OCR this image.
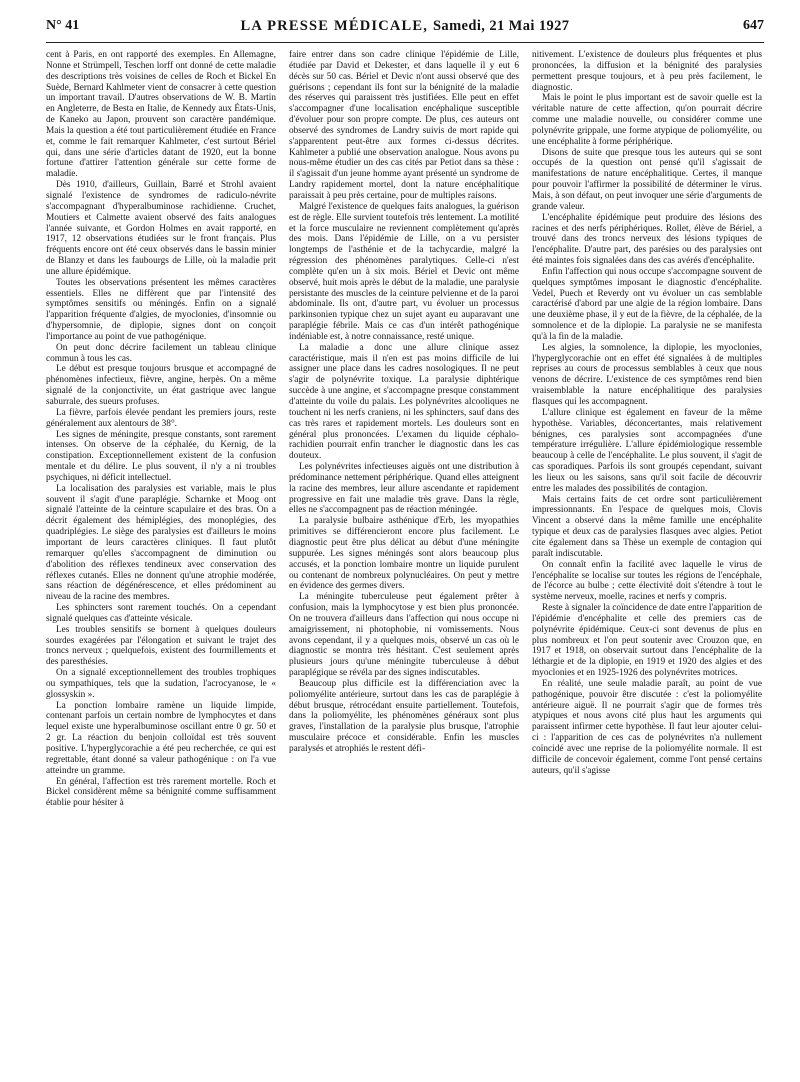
N° 41	LA PRESSE MÉDICALE, Samedi, 21 Mai 1927	647

cent à Paris, en ont rapporté des exemples. En Allemagne, Nonne et Strümpell, Teschen lorff ont donné de cette maladie des descriptions très voisines de celles de Roch et Bickel En Suède, Bernard Kahlmeter vient de consacrer à cette question un important travail. D'autres observations de W. B. Martin en Angleterre, de Besta en Italie, de Kennedy aux États-Unis, de Kaneko au Japon, prouvent son caractère pandémique. Mais la question a été tout particulièrement étudiée en France et, comme le fait remarquer Kahlmeter, c'est surtout Bériel qui, dans une série d'articles datant de 1920, eut la bonne fortune d'attirer l'attention générale sur cette forme de maladie.

Dès 1910, d'ailleurs, Guillain, Barré et Strohl avaient signalé l'existence de syndromes de radiculo-névrite s'accompagnant d'hyperalbuminose rachidienne. Cruchet, Moutiers et Calmette avaient observé des faits analogues l'année suivante, et Gordon Holmes en avait rapporté, en 1917, 12 observations étudiées sur le front français. Plus fréquents encore ont été ceux observés dans le bassin minier de Blanzy et dans les faubourgs de Lille, où la maladie prit une allure épidémique.

Toutes les observations présentent les mêmes caractères essentiels. Elles ne diffèrent que par l'intensité des symptômes sensitifs ou méningés. Enfin on a signalé l'apparition fréquente d'algies, de myoclonies, d'insomnie ou d'hypersomnie, de diplopie, signes dont on conçoit l'importance au point de vue pathogénique.

On peut donc décrire facilement un tableau clinique commun à tous les cas.

Le début est presque toujours brusque et accompagné de phénomènes infectieux, fièvre, angine, herpès. On a même signalé de la conjonctivite, un état gastrique avec langue saburrale, des sueurs profuses.

La fièvre, parfois élevée pendant les premiers jours, reste généralement aux alentours de 38°.

Les signes de méningite, presque constants, sont rarement intenses. On observe de la céphalée, du Kernig, de la constipation. Exceptionnellement existent de la confusion mentale et du délire. Le plus souvent, il n'y a ni troubles psychiques, ni déficit intellectuel.

La localisation des paralysies est variable, mais le plus souvent il s'agit d'une paraplégie. Scharnke et Moog ont signalé l'atteinte de la ceinture scapulaire et des bras. On a décrit également des hémiplégies, des monoplégies, des quadriplégies. Le siège des paralysies est d'ailleurs le moins important de leurs caractères cliniques. Il faut plutôt remarquer qu'elles s'accompagnent de diminution ou d'abolition des réflexes tendineux avec conservation des réflexes cutanés. Elles ne donnent qu'une atrophie modérée, sans réaction de dégénérescence, et elles prédominent au niveau de la racine des membres.

Les sphincters sont rarement touchés. On a cependant signalé quelques cas d'atteinte vésicale.

Les troubles sensitifs se bornent à quelques douleurs sourdes exagérées par l'élongation et suivant le trajet des troncs nerveux ; quelquefois, existent des fourmillements et des paresthésies.

On a signalé exceptionnellement des troubles trophiques ou sympathiques, tels que la sudation, l'acrocyanose, le « glossyskin ».

La ponction lombaire ramène un liquide limpide, contenant parfois un certain nombre de lymphocytes et dans lequel existe une hyperalbuminose oscillant entre 0 gr. 50 et 2 gr. La réaction du benjoin colloïdal est très souvent positive. L'hyperglycorachie a été peu recherchée, ce qui est regrettable, étant donné sa valeur pathogénique : on l'a vue atteindre un gramme.

En général, l'affection est très rarement mortelle. Roch et Bickel considèrent même sa bénignité comme suffisamment établie pour hésiter à

faire entrer dans son cadre clinique l'épidémie de Lille, étudiée par David et Dekester, et dans laquelle il y eut 6 décès sur 50 cas. Bériel et Devic n'ont aussi observé que des guérisons ; cependant ils font sur la bénignité de la maladie des réserves qui paraissent très justifiées. Elle peut en effet s'accompagner d'une localisation encéphalique susceptible d'évoluer pour son propre compte. De plus, ces auteurs ont observé des syndromes de Landry suivis de mort rapide qui s'apparentent peut-être aux formes ci-dessus décrites. Kahlmeter a publié une observation analogue. Nous avons pu nous-même étudier un des cas cités par Petiot dans sa thèse : il s'agissait d'un jeune homme ayant présenté un syndrome de Landry rapidement mortel, dont la nature encéphalitique paraissait à peu près certaine, pour de multiples raisons.

Malgré l'existence de quelques faits analogues, la guérison est de règle. Elle survient toutefois très lentement. La motilité et la force musculaire ne reviennent complètement qu'après des mois. Dans l'épidémie de Lille, on a vu persister longtemps de l'asthénie et de la tachycardie, malgré la régression des phénomènes paralytiques. Celle-ci n'est complète qu'en un à six mois. Bériel et Devic ont même observé, huit mois après le début de la maladie, une paralysie persistante des muscles de la ceinture pelvienne et de la paroi abdominale. Ils ont, d'autre part, vu évoluer un processus parkinsonien typique chez un sujet ayant eu auparavant une paraplégie fébrile. Mais ce cas d'un intérêt pathogénique indéniable est, à notre connaissance, resté unique.

La maladie a donc une allure clinique assez caractéristique, mais il n'en est pas moins difficile de lui assigner une place dans les cadres nosologiques. Il ne peut s'agir de polynévrite toxique. La paralysie diphtérique succède à une angine, et s'accompagne presque constamment d'atteinte du voile du palais. Les polynévrites alcooliques ne touchent ni les nerfs craniens, ni les sphincters, sauf dans des cas très rares et rapidement mortels. Les douleurs sont en général plus prononcées. L'examen du liquide céphalo-rachidien pourrait enfin trancher le diagnostic dans les cas douteux.

Les polynévrites infectieuses aiguës ont une distribution à prédominance nettement périphérique. Quand elles atteignent la racine des membres, leur allure ascendante et rapidement progressive en fait une maladie très grave. Dans la règle, elles ne s'accompagnent pas de réaction méningée.

La paralysie bulbaire asthénique d'Erb, les myopathies primitives se différencieront encore plus facilement. Le diagnostic peut être plus délicat au début d'une méningite suppurée. Les signes méningés sont alors beaucoup plus accusés, et la ponction lombaire montre un liquide purulent ou contenant de nombreux polynucléaires. On peut y mettre en évidence des germes divers.

La méningite tuberculeuse peut également prêter à confusion, mais la lymphocytose y est bien plus prononcée. On ne trouvera d'ailleurs dans l'affection qui nous occupe ni amaigrissement, ni photophobie, ni vomissements. Nous avons cependant, il y a quelques mois, observé un cas où le diagnostic se montra très hésitant. C'est seulement après plusieurs jours qu'une méningite tuberculeuse à début paraplégique se révéla par des signes indiscutables.

Beaucoup plus difficile est la différenciation avec la poliomyélite antérieure, surtout dans les cas de paraplégie à début brusque, rétrocédant ensuite partiellement. Toutefois, dans la poliomyélite, les phénomènes généraux sont plus graves, l'installation de la paralysie plus brusque, l'atrophie musculaire précoce et considérable. Enfin les muscles paralysés et atrophiés le restent défi-

nitivement. L'existence de douleurs plus fréquentes et plus prononcées, la diffusion et la bénignité des paralysies permettent presque toujours, et à peu près facilement, le diagnostic.

Mais le point le plus important est de savoir quelle est la véritable nature de cette affection, qu'on pourrait décrire comme une maladie nouvelle, ou considérer comme une polynévrite grippale, une forme atypique de poliomyélite, ou une encéphalite à forme périphérique.

Disons de suite que presque tous les auteurs qui se sont occupés de la question ont pensé qu'il s'agissait de manifestations de nature encéphalitique. Certes, il manque pour pouvoir l'affirmer la possibilité de déterminer le virus. Mais, à son défaut, on peut invoquer une série d'arguments de grande valeur.

L'encéphalite épidémique peut produire des lésions des racines et des nerfs périphériques. Rollet, élève de Bériel, a trouvé dans des troncs nerveux des lésions typiques de l'encéphalite. D'autre part, des parésies ou des paralysies ont été maintes fois signalées dans des cas avérés d'encéphalite.

Enfin l'affection qui nous occupe s'accompagne souvent de quelques symptômes imposant le diagnostic d'encéphalite. Vedel, Puech et Reverdy ont vu évoluer un cas semblable caractérisé d'abord par une algie de la région lombaire. Dans une deuxième phase, il y eut de la fièvre, de la céphalée, de la somnolence et de la diplopie. La paralysie ne se manifesta qu'à la fin de la maladie.

Les algies, la somnolence, la diplopie, les myoclonies, l'hyperglycorachie ont en effet été signalées à de multiples reprises au cours de processus semblables à ceux que nous venons de décrire. L'existence de ces symptômes rend bien vraisemblable la nature encéphalitique des paralysies flasques qui les accompagnent.

L'allure clinique est également en faveur de la même hypothèse. Variables, déconcertantes, mais relativement bénignes, ces paralysies sont accompagnées d'une température irrégulière. L'allure épidémiologique ressemble beaucoup à celle de l'encéphalite. Le plus souvent, il s'agit de cas sporadiques. Parfois ils sont groupés cependant, suivant les lieux ou les saisons, sans qu'il soit facile de découvrir entre les malades des possibilités de contagion.

Mais certains faits de cet ordre sont particulièrement impressionnants. En l'espace de quelques mois, Clovis Vincent a observé dans la même famille une encéphalite typique et deux cas de paralysies flasques avec algies. Petiot cite également dans sa Thèse un exemple de contagion qui paraît indiscutable.

On connaît enfin la facilité avec laquelle le virus de l'encéphalite se localise sur toutes les régions de l'encéphale, de l'écorce au bulbe ; cette électivité doit s'étendre à tout le système nerveux, moelle, racines et nerfs y compris.

Reste à signaler la coïncidence de date entre l'apparition de l'épidémie d'encéphalite et celle des premiers cas de polynévrite épidémique. Ceux-ci sont devenus de plus en plus nombreux et l'on peut soutenir avec Crouzon que, en 1917 et 1918, on observait surtout dans l'encéphalite de la léthargie et de la diplopie, en 1919 et 1920 des algies et des myoclonies et en 1925-1926 des polynévrites motrices.

En réalité, une seule maladie paraît, au point de vue pathogénique, pouvoir être discutée : c'est la poliomyélite antérieure aiguë. Il ne pourrait s'agir que de formes très atypiques et nous avons cité plus haut les arguments qui paraissent infirmer cette hypothèse. Il faut leur ajouter celui-ci : l'apparition de ces cas de polynévrites n'a nullement coïncidé avec une reprise de la poliomyélite normale. Il est difficile de concevoir également, comme l'ont pensé certains auteurs, qu'il s'agisse
